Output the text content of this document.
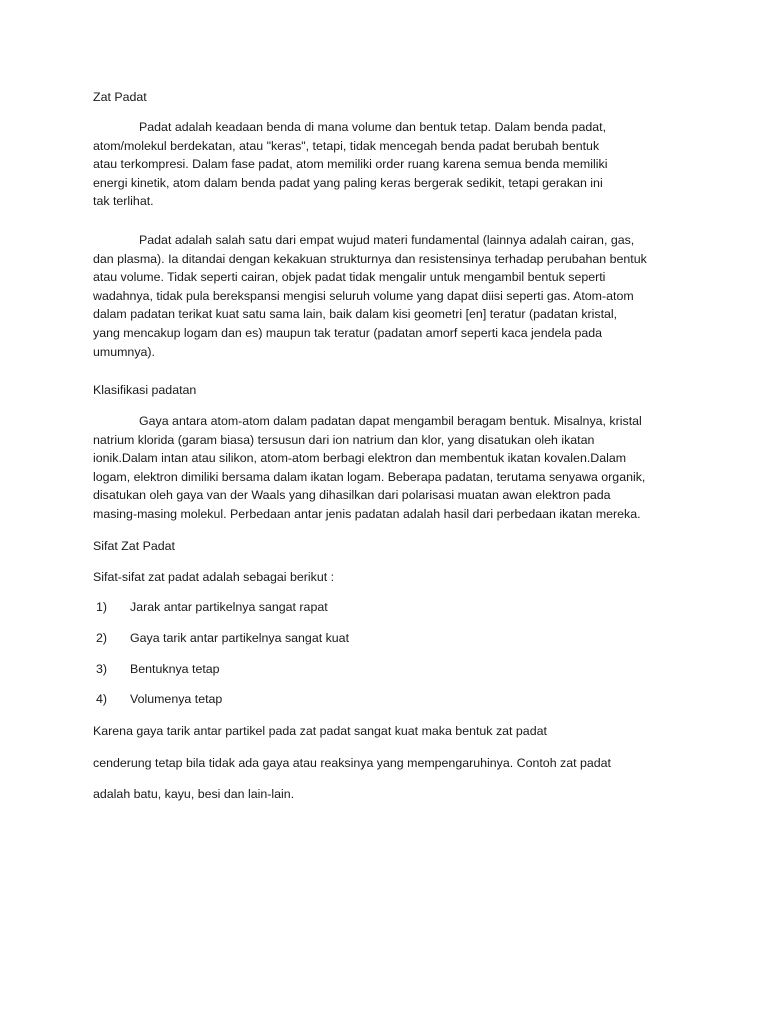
Zat Padat

Padat adalah keadaan benda di mana volume dan bentuk tetap. Dalam benda padat,
atom/molekul berdekatan, atau "keras", tetapi, tidak mencegah benda padat berubah bentuk
atau terkompresi. Dalam fase padat, atom memiliki order ruang karena semua benda memiliki
energi kinetik, atom dalam benda padat yang paling keras bergerak sedikit, tetapi gerakan ini
tak terlihat.

Padat adalah salah satu dari empat wujud materi fundamental (lainnya adalah cairan, gas,
dan plasma). Ia ditandai dengan kekakuan strukturnya dan resistensinya terhadap perubahan bentuk
atau volume. Tidak seperti cairan, objek padat tidak mengalir untuk mengambil bentuk seperti
wadahnya, tidak pula berekspansi mengisi seluruh volume yang dapat diisi seperti gas. Atom-atom
dalam padatan terikat kuat satu sama lain, baik dalam kisi geometri [en] teratur (padatan kristal,
yang mencakup logam dan es) maupun tak teratur (padatan amorf seperti kaca jendela pada
umumnya).

Klasifikasi padatan

Gaya antara atom-atom dalam padatan dapat mengambil beragam bentuk. Misalnya, kristal
natrium klorida (garam biasa) tersusun dari ion natrium dan klor, yang disatukan oleh ikatan
ionik.Dalam intan atau silikon, atom-atom berbagi elektron dan membentuk ikatan kovalen.Dalam
logam, elektron dimiliki bersama dalam ikatan logam. Beberapa padatan, terutama senyawa organik,
disatukan oleh gaya van der Waals yang dihasilkan dari polarisasi muatan awan elektron pada
masing-masing molekul. Perbedaan antar jenis padatan adalah hasil dari perbedaan ikatan mereka.

Sifat Zat Padat

Sifat-sifat zat padat adalah sebagai berikut :

1) Jarak antar partikelnya sangat rapat
2) Gaya tarik antar partikelnya sangat kuat
3) Bentuknya tetap
4) Volumenya tetap

Karena gaya tarik antar partikel pada zat padat sangat kuat maka bentuk zat padat

cenderung tetap bila tidak ada gaya atau reaksinya yang mempengaruhinya. Contoh zat padat

adalah batu, kayu, besi dan lain-lain.
